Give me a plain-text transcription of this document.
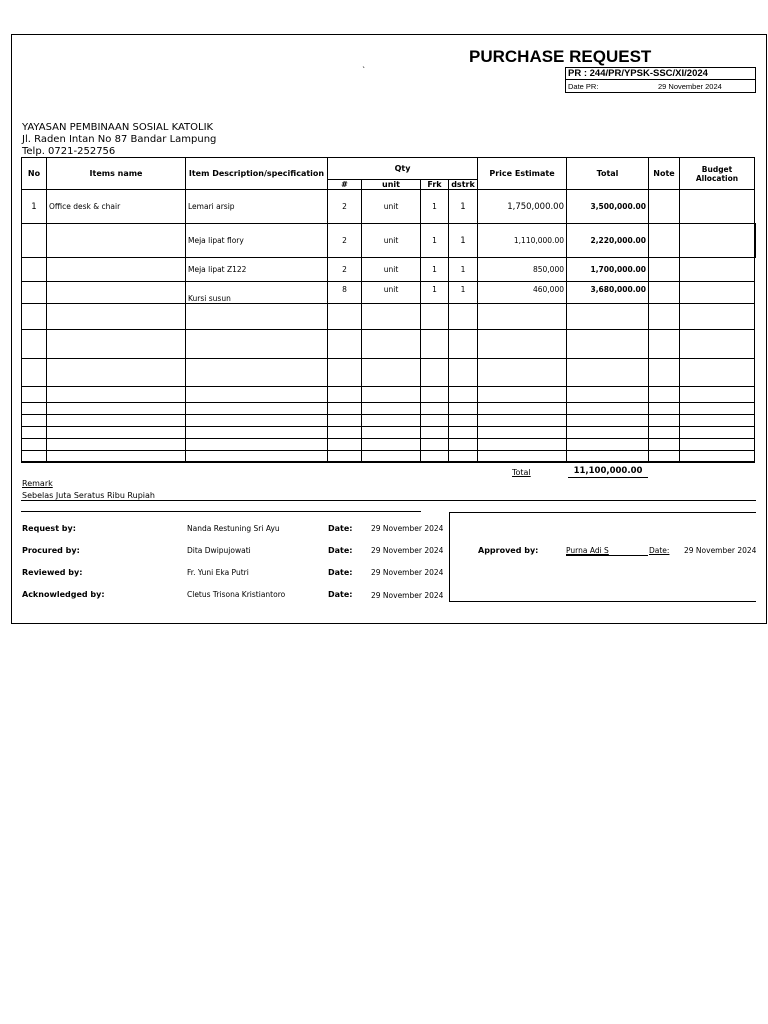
PURCHASE REQUEST
`	PR : 244/PR/YPSK-SSC/XI/2024
Date PR:	29 November 2024
YAYASAN PEMBINAAN SOSIAL KATOLIK
Jl. Raden Intan No 87 Bandar Lampung
Telp. 0721-252756
No	Items name	Item Description/specification	Qty				Price Estimate	Total	Note	Budget Allocation
			#	unit	Frk	dstrk				
1	Office desk & chair	Lemari arsip	2	unit	1	1	1,750,000.00	3,500,000.00		
		Meja lipat flory	2	unit	1	1	1,110,000.00	2,220,000.00		
		Meja lipat Z122	2	unit	1	1	850,000	1,700,000.00		
		Kursi susun	8	unit	1	1	460,000	3,680,000.00		

Total	11,100,000.00
Remark
Sebelas Juta Seratus Ribu Rupiah
Request by:	Nanda Restuning Sri Ayu	Date: 29 November 2024
Procured by:	Dita Dwipujowati	Date: 29 November 2024
Reviewed by:	Fr. Yuni Eka Putri	Date: 29 November 2024
Acknowledged by:	Cletus Trisona Kristiantoro	Date: 29 November 2024
Approved by:	Purna Adi S	Date: 29 November 2024
